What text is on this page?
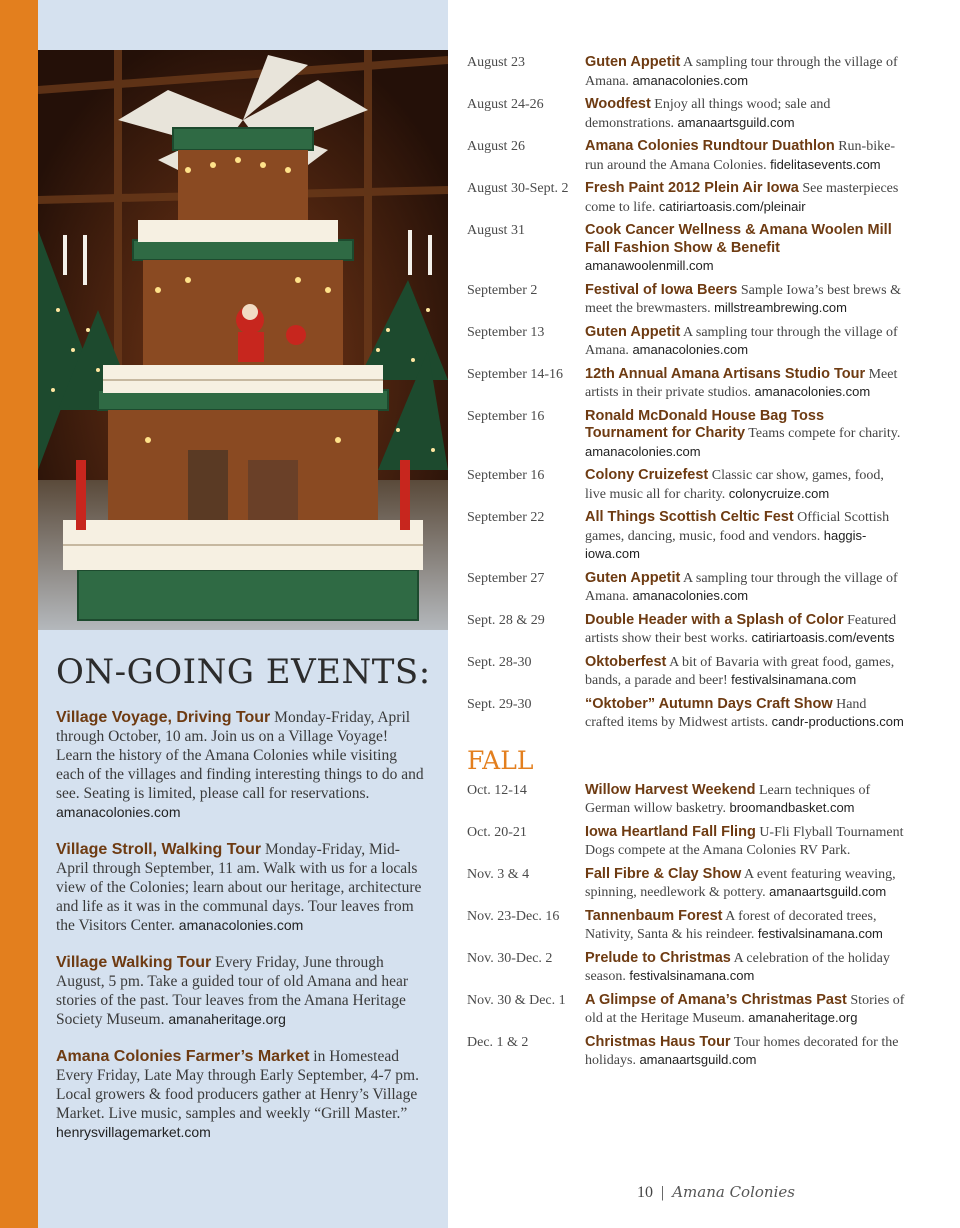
ON-GOING EVENTS:

Village Voyage, Driving Tour Monday-Friday, April through October, 10 am. Join us on a Village Voyage! Learn the history of the Amana Colonies while visiting each of the villages and finding interesting things to do and see. Seating is limited, please call for reservations. amanacolonies.com

Village Stroll, Walking Tour Monday-Friday, Mid-April through September, 11 am. Walk with us for a locals view of the Colonies; learn about our heritage, architecture and life as it was in the communal days. Tour leaves from the Visitors Center. amanacolonies.com

Village Walking Tour Every Friday, June through August, 5 pm. Take a guided tour of old Amana and hear stories of the past. Tour leaves from the Amana Heritage Society Museum. amanaheritage.org

Amana Colonies Farmer’s Market in Homestead Every Friday, Late May through Early September, 4-7 pm. Local growers & food producers gather at Henry’s Village Market. Live music, samples and weekly “Grill Master.” henrysvillagemarket.com

August 23	Guten Appetit A sampling tour through the village of Amana. amanacolonies.com
August 24-26	Woodfest Enjoy all things wood; sale and demonstrations. amanaartsguild.com
August 26	Amana Colonies Rundtour Duathlon Run-bike-run around the Amana Colonies. fidelitasevents.com
August 30-Sept. 2	Fresh Paint 2012 Plein Air Iowa See masterpieces come to life. catiriartoasis.com/pleinair
August 31	Cook Cancer Wellness & Amana Woolen Mill Fall Fashion Show & Benefit amanawoolenmill.com
September 2	Festival of Iowa Beers Sample Iowa’s best brews & meet the brewmasters. millstreambrewing.com
September 13	Guten Appetit A sampling tour through the village of Amana. amanacolonies.com
September 14-16	12th Annual Amana Artisans Studio Tour Meet artists in their private studios. amanacolonies.com
September 16	Ronald McDonald House Bag Toss Tournament for Charity Teams compete for charity. amanacolonies.com
September 16	Colony Cruizefest Classic car show, games, food, live music all for charity. colonycruize.com
September 22	All Things Scottish Celtic Fest Official Scottish games, dancing, music, food and vendors. haggis-iowa.com
September 27	Guten Appetit A sampling tour through the village of Amana. amanacolonies.com
Sept. 28 & 29	Double Header with a Splash of Color Featured artists show their best works. catiriartoasis.com/events
Sept. 28-30	Oktoberfest A bit of Bavaria with great food, games, bands, a parade and beer! festivalsinamana.com
Sept. 29-30	“Oktober” Autumn Days Craft Show Hand crafted items by Midwest artists. candr-productions.com
FALL
Oct. 12-14	Willow Harvest Weekend Learn techniques of German willow basketry. broomandbasket.com
Oct. 20-21	Iowa Heartland Fall Fling U-Fli Flyball Tournament Dogs compete at the Amana Colonies RV Park.
Nov. 3 & 4	Fall Fibre & Clay Show A event featuring weaving, spinning, needlework & pottery. amanaartsguild.com
Nov. 23-Dec. 16	Tannenbaum Forest A forest of decorated trees, Nativity, Santa & his reindeer. festivalsinamana.com
Nov. 30-Dec. 2	Prelude to Christmas A celebration of the holiday season. festivalsinamana.com
Nov. 30 & Dec. 1	A Glimpse of Amana’s Christmas Past Stories of old at the Heritage Museum. amanaheritage.org
Dec. 1 & 2	Christmas Haus Tour Tour homes decorated for the holidays. amanaartsguild.com
10 | Amana Colonies
